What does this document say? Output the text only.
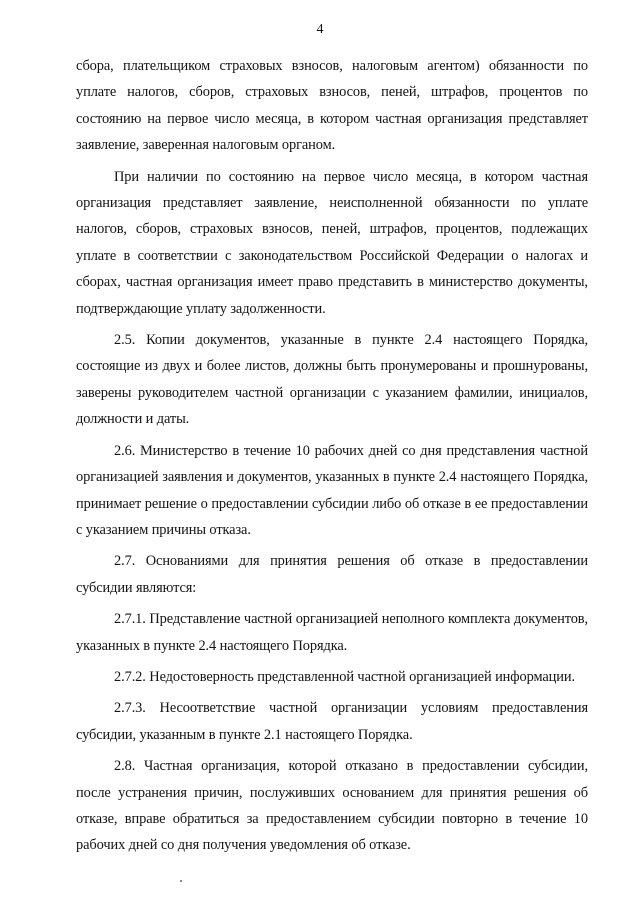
4

сбора, плательщиком страховых взносов, налоговым агентом) обязанности по уплате налогов, сборов, страховых взносов, пеней, штрафов, процентов по состоянию на первое число месяца, в котором частная организация представляет заявление, заверенная налоговым органом.

При наличии по состоянию на первое число месяца, в котором частная организация представляет заявление, неисполненной обязанности по уплате налогов, сборов, страховых взносов, пеней, штрафов, процентов, подлежащих уплате в соответствии с законодательством Российской Федерации о налогах и сборах, частная организация имеет право представить в министерство документы, подтверждающие уплату задолженности.

2.5. Копии документов, указанные в пункте 2.4 настоящего Порядка, состоящие из двух и более листов, должны быть пронумерованы и прошнурованы, заверены руководителем частной организации с указанием фамилии, инициалов, должности и даты.

2.6. Министерство в течение 10 рабочих дней со дня представления частной организацией заявления и документов, указанных в пункте 2.4 настоящего Порядка, принимает решение о предоставлении субсидии либо об отказе в ее предоставлении с указанием причины отказа.

2.7. Основаниями для принятия решения об отказе в предоставлении субсидии являются:

2.7.1. Представление частной организацией неполного комплекта документов, указанных в пункте 2.4 настоящего Порядка.

2.7.2. Недостоверность представленной частной организацией информации.

2.7.3. Несоответствие частной организации условиям предоставления субсидии, указанным в пункте 2.1 настоящего Порядка.

2.8. Частная организация, которой отказано в предоставлении субсидии, после устранения причин, послуживших основанием для принятия решения об отказе, вправе обратиться за предоставлением субсидии повторно в течение 10 рабочих дней со дня получения уведомления об отказе.
